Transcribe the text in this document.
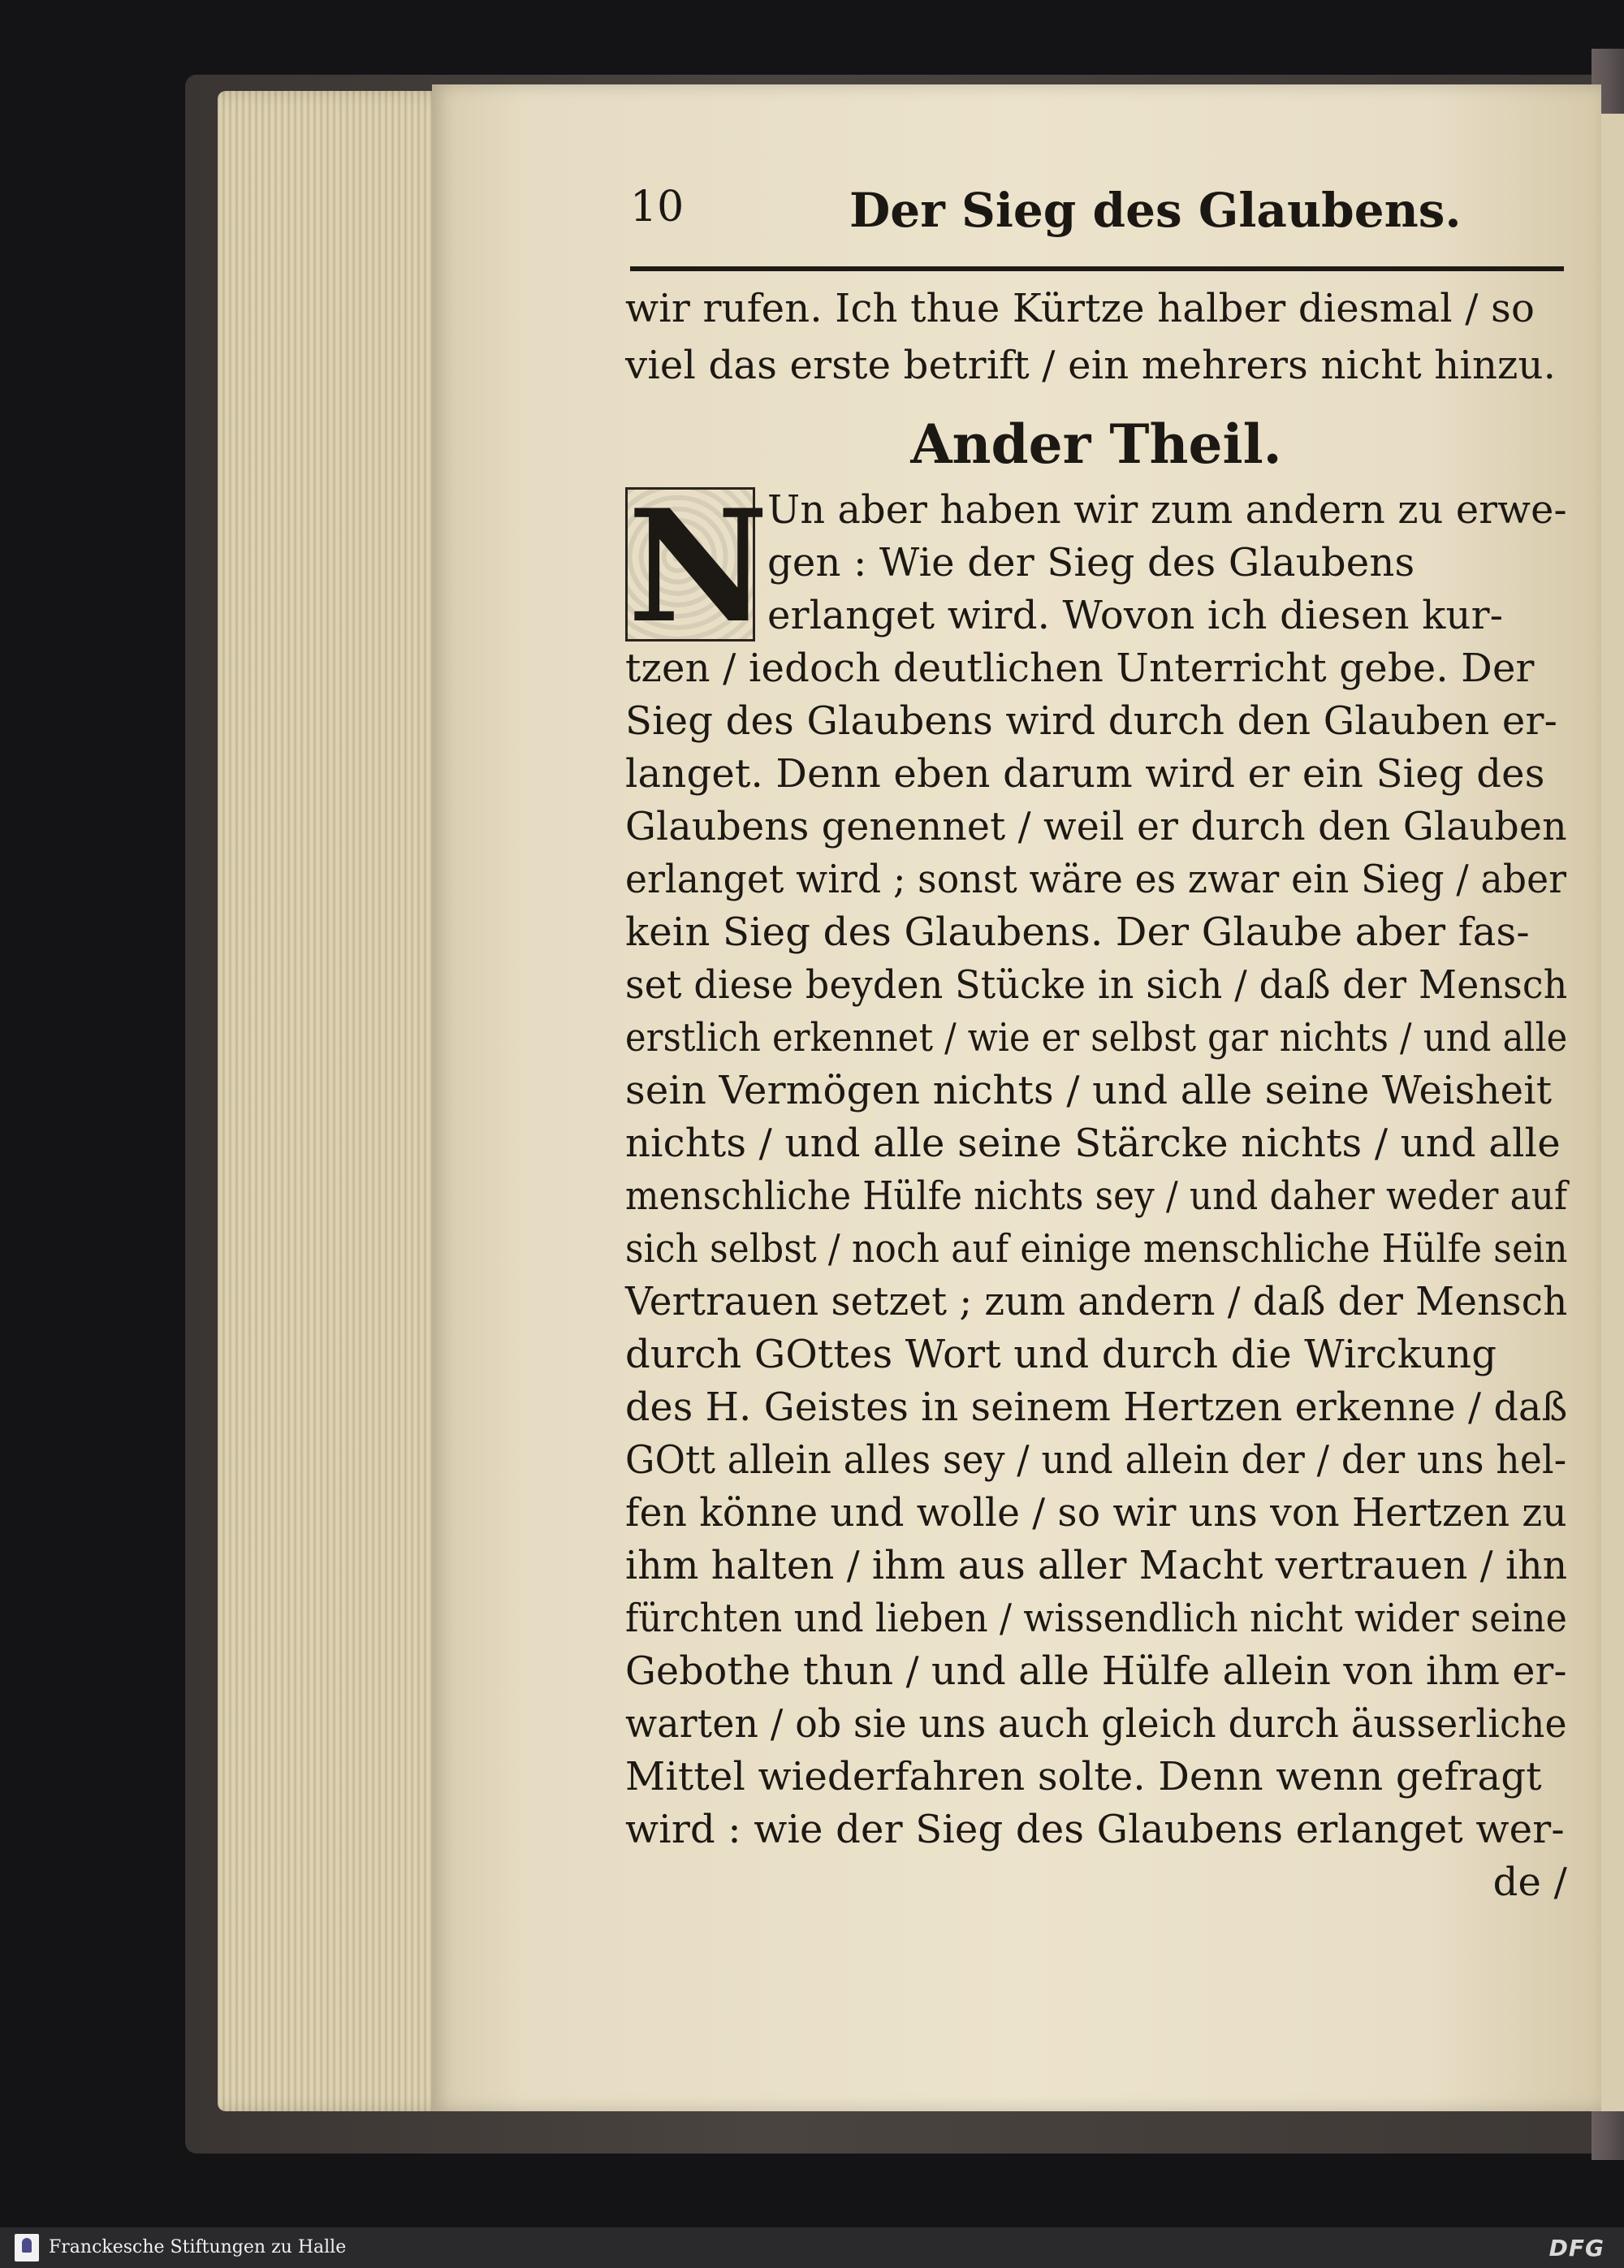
10	Der Sieg des Glaubens.
wir rufen. Ich thue Kürtze halber diesmal / so
viel das erste betrift / ein mehrers nicht hinzu.
Ander Theil.
N
Un aber haben wir zum andern zu erwe-
gen : Wie der Sieg des Glaubens
erlanget wird. Wovon ich diesen kur-
tzen / iedoch deutlichen Unterricht gebe. Der
Sieg des Glaubens wird durch den Glauben er-
langet. Denn eben darum wird er ein Sieg des
Glaubens genennet / weil er durch den Glauben
erlanget wird ; sonst wäre es zwar ein Sieg / aber
kein Sieg des Glaubens. Der Glaube aber fas-
set diese beyden Stücke in sich / daß der Mensch
erstlich erkennet / wie er selbst gar nichts / und alle
sein Vermögen nichts / und alle seine Weisheit
nichts / und alle seine Stärcke nichts / und alle
menschliche Hülfe nichts sey / und daher weder auf
sich selbst / noch auf einige menschliche Hülfe sein
Vertrauen setzet ; zum andern / daß der Mensch
durch GOttes Wort und durch die Wirckung
des H. Geistes in seinem Hertzen erkenne / daß
GOtt allein alles sey / und allein der / der uns hel-
fen könne und wolle / so wir uns von Hertzen zu
ihm halten / ihm aus aller Macht vertrauen / ihn
fürchten und lieben / wissendlich nicht wider seine
Gebothe thun / und alle Hülfe allein von ihm er-
warten / ob sie uns auch gleich durch äusserliche
Mittel wiederfahren solte. Denn wenn gefragt
wird : wie der Sieg des Glaubens erlanget wer-
de /
Franckesche Stiftungen zu Halle	DFG
